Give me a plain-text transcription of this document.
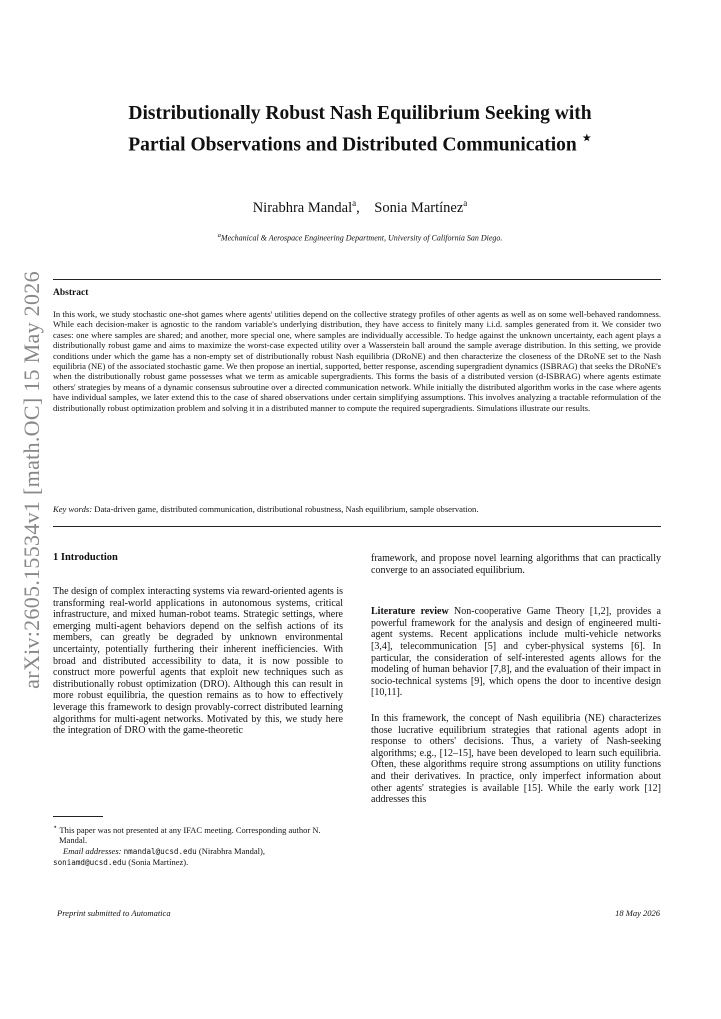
arXiv:2605.15534v1 [math.OC] 15 May 2026
Distributionally Robust Nash Equilibrium Seeking with
Partial Observations and Distributed Communication ⋆
Nirabhra Mandal$^a$,    Sonia Martínez$^a$
$^a$Mechanical & Aerospace Engineering Department, University of California San Diego.
Abstract

In this work, we study stochastic one-shot games where agents' utilities depend on the collective strategy profiles of other agents as well as on some well-behaved randomness. While each decision-maker is agnostic to the random variable's underlying distribution, they have access to finitely many i.i.d. samples generated from it. We consider two cases: one where samples are shared; and another, more special one, where samples are individually accessible. To hedge against the unknown uncertainty, each agent plays a distributionally robust game and aims to maximize the worst-case expected utility over a Wasserstein ball around the sample average distribution. In this setting, we provide conditions under which the game has a non-empty set of distributionally robust Nash equilibria (DRoNE) and then characterize the closeness of the DRoNE set to the Nash equilibria (NE) of the associated stochastic game. We then propose an inertial, supported, better response, ascending supergradient dynamics (ISBRAG) that seeks the DRoNE's when the distributionally robust game possesses what we term as amicable supergradients. This forms the basis of a distributed version (d-ISBRAG) where agents estimate others' strategies by means of a dynamic consensus subroutine over a directed communication network. While initially the distributed algorithm works in the case where agents have individual samples, we later extend this to the case of shared observations under certain simplifying assumptions. This involves analyzing a tractable reformulation of the distributionally robust optimization problem and solving it in a distributed manner to compute the required supergradients. Simulations illustrate our results.

Key words: Data-driven game, distributed communication, distributional robustness, Nash equilibrium, sample observation.
1 Introduction

The design of complex interacting systems via reward-oriented agents is transforming real-world applications in autonomous systems, critical infrastructure, and mixed human-robot teams. Strategic settings, where emerging multi-agent behaviors depend on the selfish actions of its members, can greatly be degraded by unknown environmental uncertainty, potentially furthering their inherent inefficiencies. With broad and distributed accessibility to data, it is now possible to construct more powerful agents that exploit new techniques such as distributionally robust optimization (DRO). Although this can result in more robust equilibria, the question remains as to how to effectively leverage this framework to design provably-correct distributed learning algorithms for multi-agent networks. Motivated by this, we study here the integration of DRO with the game-theoretic

⋆ This paper was not presented at any IFAC meeting. Corresponding author N. Mandal.
Email addresses: nmandal@ucsd.edu (Nirabhra Mandal),
soniamd@ucsd.edu (Sonia Martínez).

framework, and propose novel learning algorithms that can practically converge to an associated equilibrium.

Literature review Non-cooperative Game Theory [1,2], provides a powerful framework for the analysis and design of engineered multi-agent systems. Recent applications include multi-vehicle networks [3,4], telecommunication [5] and cyber-physical systems [6]. In particular, the consideration of self-interested agents allows for the modeling of human behavior [7,8], and the evaluation of their impact in socio-technical systems [9], which opens the door to incentive design [10,11].

In this framework, the concept of Nash equilibria (NE) characterizes those lucrative equilibrium strategies that rational agents adopt in response to others' decisions. Thus, a variety of Nash-seeking algorithms; e.g., [12–15], have been developed to learn such equilibria. Often, these algorithms require strong assumptions on utility functions and their derivatives. In practice, only imperfect information about other agents' strategies is available [15]. While the early work [12] addresses this

Preprint submitted to Automatica	18 May 2026
